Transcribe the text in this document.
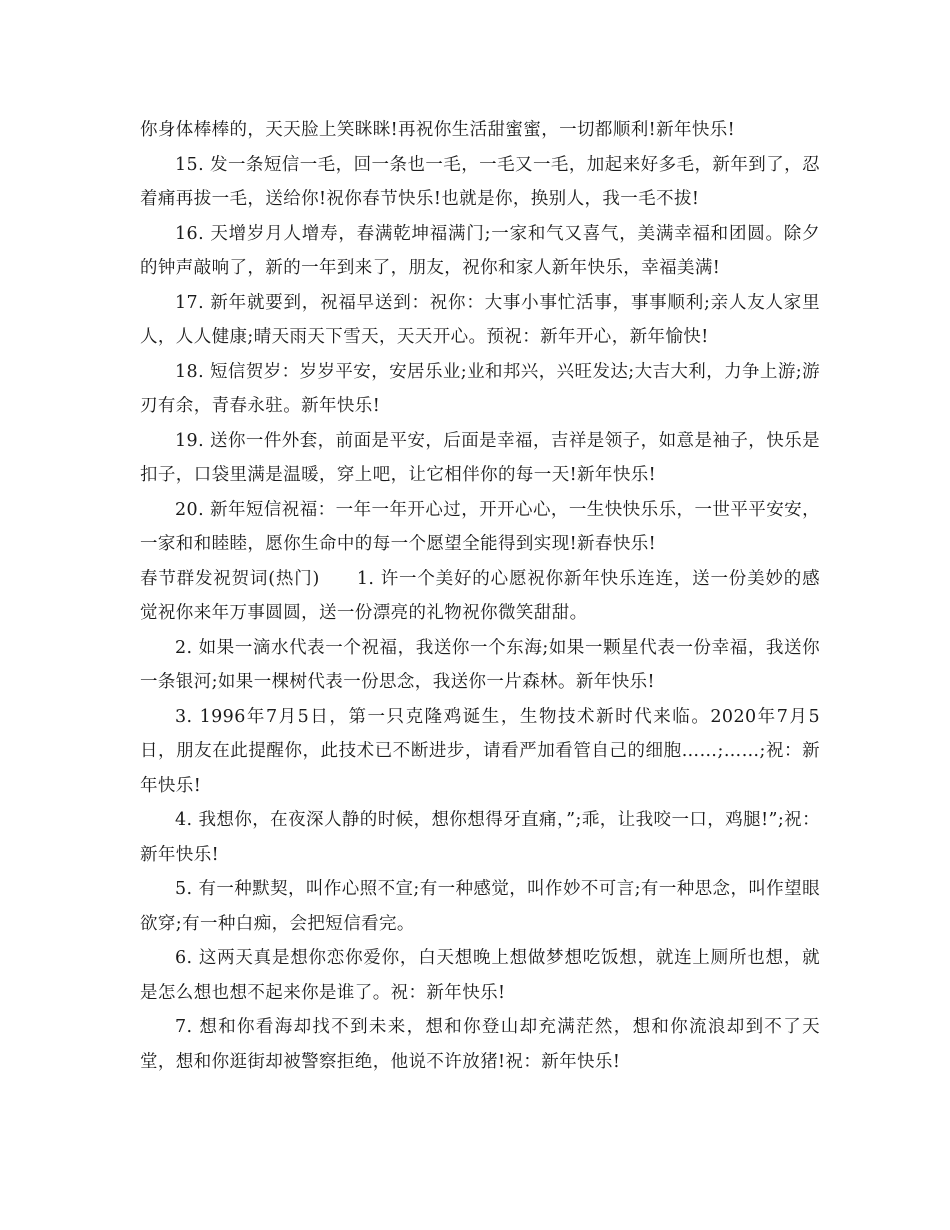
你身体棒棒的，天天脸上笑眯眯!再祝你生活甜蜜蜜，一切都顺利!新年快乐!

15. 发一条短信一毛，回一条也一毛，一毛又一毛，加起来好多毛，新年到了，忍着痛再拔一毛，送给你!祝你春节快乐!也就是你，换别人，我一毛不拔!

16. 天增岁月人增寿，春满乾坤福满门;一家和气又喜气，美满幸福和团圆。除夕的钟声敲响了，新的一年到来了，朋友，祝你和家人新年快乐，幸福美满!

17. 新年就要到，祝福早送到：祝你：大事小事忙活事，事事顺利;亲人友人家里人，人人健康;晴天雨天下雪天，天天开心。预祝：新年开心，新年愉快!

18. 短信贺岁：岁岁平安，安居乐业;业和邦兴，兴旺发达;大吉大利，力争上游;游刃有余，青春永驻。新年快乐!

19. 送你一件外套，前面是平安，后面是幸福，吉祥是领子，如意是袖子，快乐是扣子，口袋里满是温暖，穿上吧，让它相伴你的每一天!新年快乐!

20. 新年短信祝福：一年一年开心过，开开心心，一生快快乐乐，一世平平安安，一家和和睦睦，愿你生命中的每一个愿望全能得到实现!新春快乐!

春节群发祝贺词(热门)　　1. 许一个美好的心愿祝你新年快乐连连，送一份美妙的感觉祝你来年万事圆圆，送一份漂亮的礼物祝你微笑甜甜。

2. 如果一滴水代表一个祝福，我送你一个东海;如果一颗星代表一份幸福，我送你一条银河;如果一棵树代表一份思念，我送你一片森林。新年快乐!

3. 1996年7月5日，第一只克隆鸡诞生，生物技术新时代来临。2020年7月5日，朋友在此提醒你，此技术已不断进步，请看严加看管自己的细胞……;……;祝：新年快乐!

4. 我想你，在夜深人静的时候，想你想得牙直痛，”;乖，让我咬一口，鸡腿!”;祝：新年快乐!

5. 有一种默契，叫作心照不宣;有一种感觉，叫作妙不可言;有一种思念，叫作望眼欲穿;有一种白痴，会把短信看完。

6. 这两天真是想你恋你爱你，白天想晚上想做梦想吃饭想，就连上厕所也想，就是怎么想也想不起来你是谁了。祝：新年快乐!

7. 想和你看海却找不到未来，想和你登山却充满茫然，想和你流浪却到不了天堂，想和你逛街却被警察拒绝，他说不许放猪!祝：新年快乐!
